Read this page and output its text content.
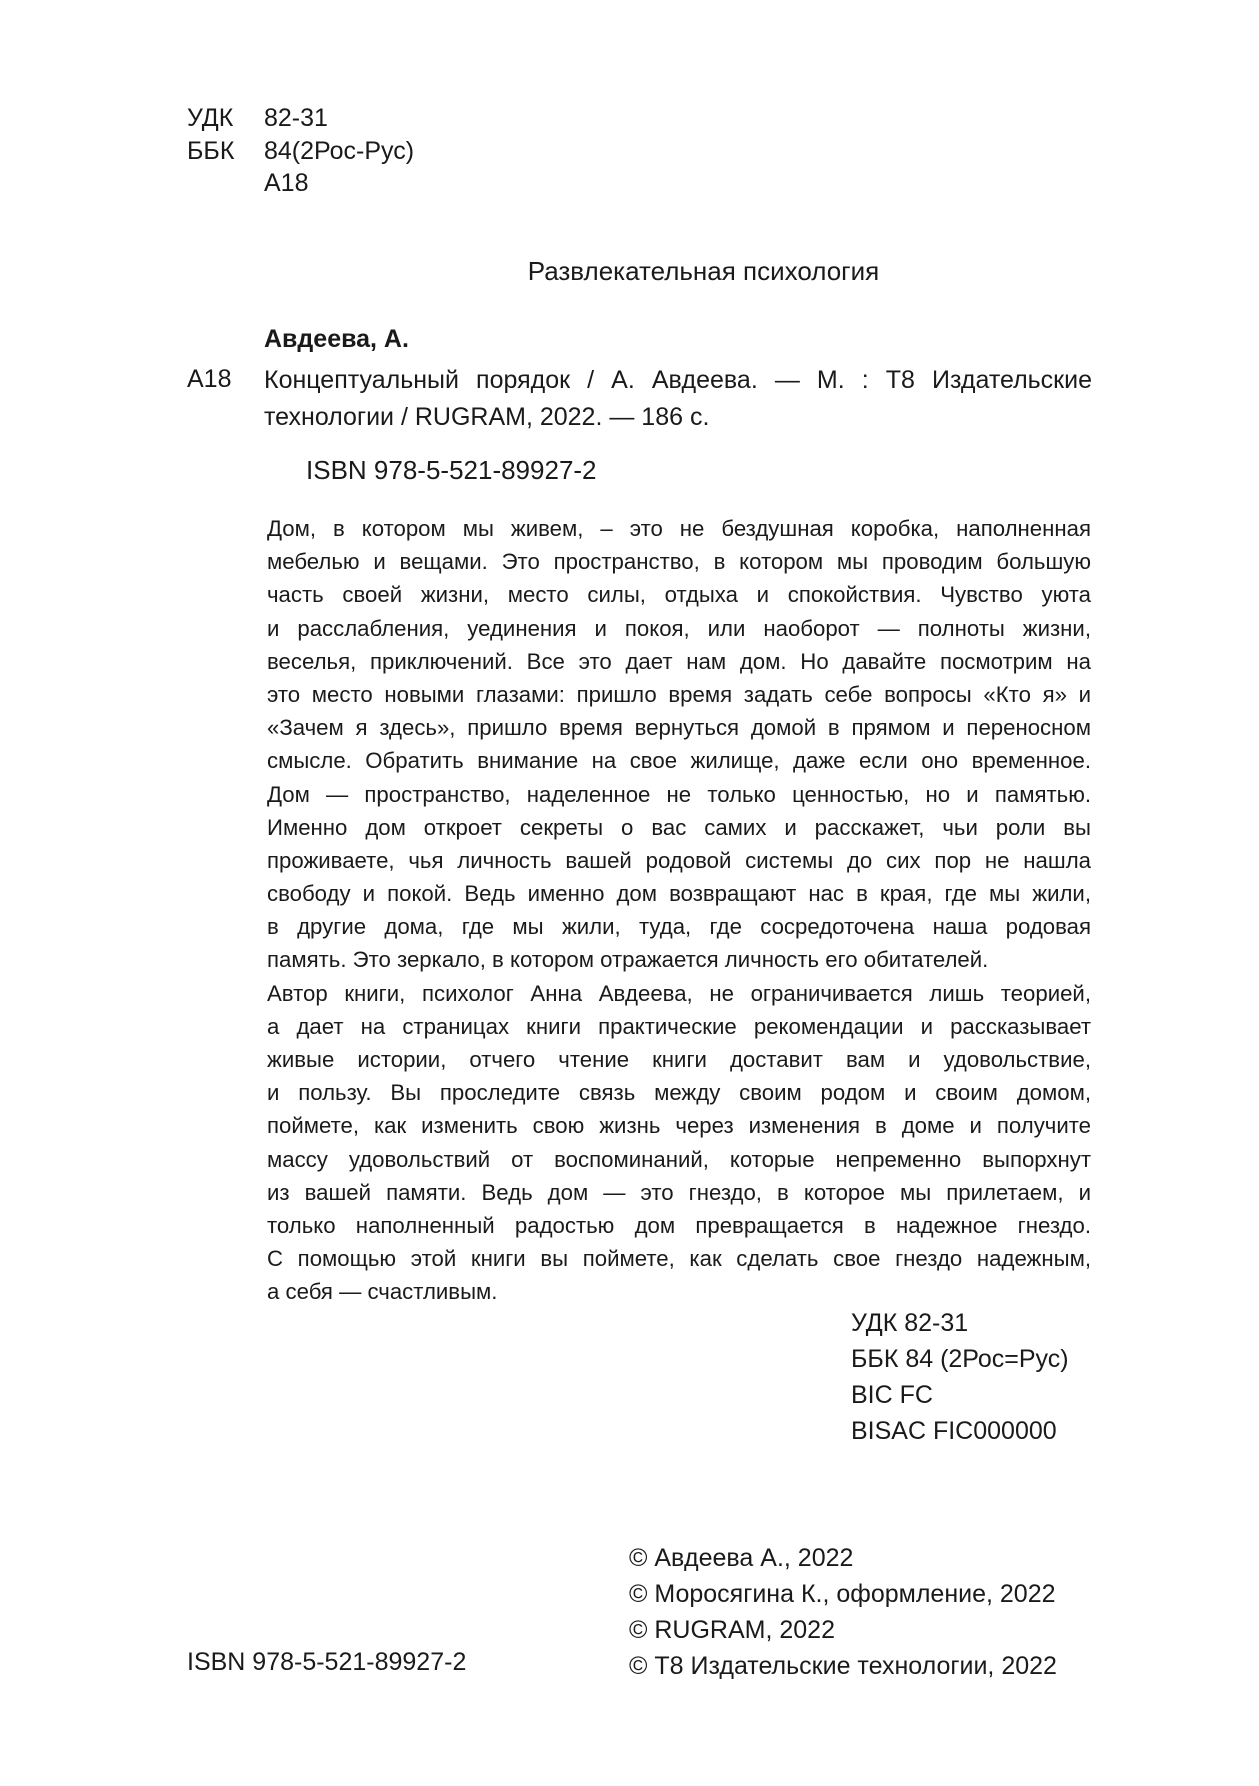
УДК 82-31
ББК 84(2Рос-Рус)
А18
Развлекательная психология
Авдеева, А.
А18 Концептуальный порядок / А. Авдеева. — М. : Т8 Издательские
технологии / RUGRAM, 2022. — 186 с.
ISBN 978-5-521-89927-2
Дом, в котором мы живем, – это не бездушная коробка, наполненная
мебелью и вещами. Это пространство, в котором мы проводим большую
часть своей жизни, место силы, отдыха и спокойствия. Чувство уюта
и расслабления, уединения и покоя, или наоборот — полноты жизни,
веселья, приключений. Все это дает нам дом. Но давайте посмотрим на
это место новыми глазами: пришло время задать себе вопросы «Кто я» и
«Зачем я здесь», пришло время вернуться домой в прямом и переносном
смысле. Обратить внимание на свое жилище, даже если оно временное.
Дом — пространство, наделенное не только ценностью, но и памятью.
Именно дом откроет секреты о вас самих и расскажет, чьи роли вы
проживаете, чья личность вашей родовой системы до сих пор не нашла
свободу и покой. Ведь именно дом возвращают нас в края, где мы жили,
в другие дома, где мы жили, туда, где сосредоточена наша родовая
память. Это зеркало, в котором отражается личность его обитателей.
Автор книги, психолог Анна Авдеева, не ограничивается лишь теорией,
а дает на страницах книги практические рекомендации и рассказывает
живые истории, отчего чтение книги доставит вам и удовольствие,
и пользу. Вы проследите связь между своим родом и своим домом,
поймете, как изменить свою жизнь через изменения в доме и получите
массу удовольствий от воспоминаний, которые непременно выпорхнут
из вашей памяти. Ведь дом — это гнездо, в которое мы прилетаем, и
только наполненный радостью дом превращается в надежное гнездо.
С помощью этой книги вы поймете, как сделать свое гнездо надежным,
а себя — счастливым.
УДК 82-31
ББК 84 (2Рос=Рус)
BIC FC
BISAC FIC000000
© Авдеева А., 2022
© Моросягина К., оформление, 2022
© RUGRAM, 2022
© Т8 Издательские технологии, 2022
ISBN 978-5-521-89927-2
